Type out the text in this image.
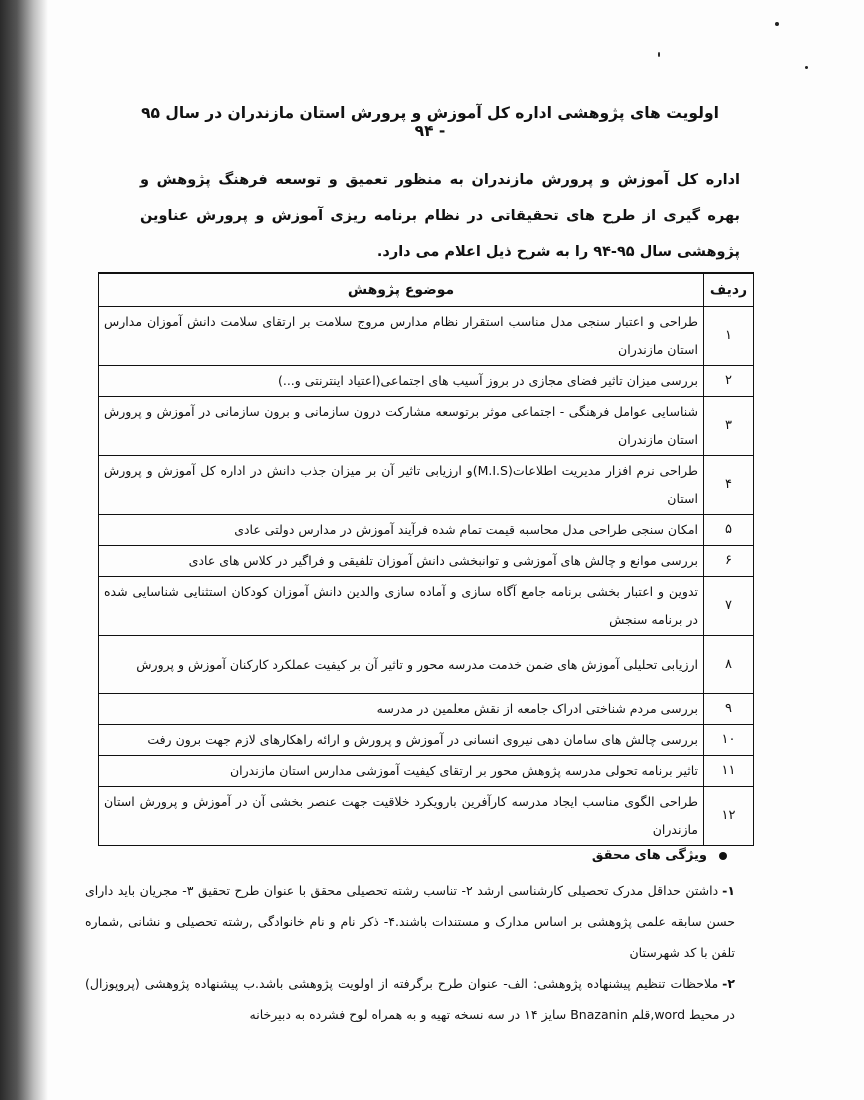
اولویت های پژوهشی اداره کل آموزش و پرورش استان مازندران در سال ۹۵ - ۹۴
اداره کل آموزش و پرورش مازندران به منظور تعمیق و توسعه فرهنگ پژوهش و بهره گیری از طرح های تحقیقاتی در نظام برنامه ریزی آموزش و پرورش عناوین پژوهشی سال ۹۵-۹۴ را به شرح ذیل اعلام می دارد.
ردیف	موضوع پژوهش
۱	طراحی و اعتبار سنجی مدل مناسب استقرار نظام مدارس مروج سلامت بر ارتقای سلامت دانش آموزان مدارس استان مازندران
۲	بررسی میزان تاثیر فضای مجازی در بروز آسیب های اجتماعی(اعتیاد اینترنتی و...)
۳	شناسایی عوامل فرهنگی - اجتماعی موثر برتوسعه مشارکت درون سازمانی و برون سازمانی در آموزش و پرورش استان مازندران
۴	طراحی نرم افزار مدیریت اطلاعات(M.I.S)و ارزیابی تاثیر آن بر میزان جذب دانش در اداره کل آموزش و پرورش استان
۵	امکان سنجی طراحی مدل محاسبه قیمت تمام شده فرآیند آموزش در مدارس دولتی عادی
۶	بررسی موانع و چالش های آموزشی و توانبخشی دانش آموزان تلفیقی و فراگیر در کلاس های عادی
۷	تدوین و اعتبار بخشی برنامه جامع آگاه سازی و آماده سازی والدین دانش آموزان کودکان استثنایی شناسایی شده در برنامه سنجش
۸	ارزیابی تحلیلی آموزش های ضمن خدمت مدرسه محور و تاثیر آن بر کیفیت عملکرد کارکنان آموزش و پرورش
۹	بررسی مردم شناختی ادراک جامعه از نقش معلمین در مدرسه
۱۰	بررسی چالش های سامان دهی نیروی انسانی در آموزش و پرورش و ارائه راهکارهای لازم جهت برون رفت
۱۱	تاثیر برنامه تحولی مدرسه پژوهش محور بر ارتقای کیفیت آموزشی مدارس استان مازندران
۱۲	طراحی الگوی مناسب ایجاد مدرسه کارآفرین بارویکرد خلاقیت جهت عنصر بخشی آن در آموزش و پرورش استان مازندران
ویژگی های محقق
۱-داشتن حداقل مدرک تحصیلی کارشناسی ارشد ۲- تناسب رشته تحصیلی محقق با عنوان طرح تحقیق ۳- مجریان باید دارای حسن سابقه علمی پژوهشی بر اساس مدارک و مستندات باشند.۴- ذکر نام و نام خانوادگی ,رشته تحصیلی و نشانی ,شماره تلفن با کد شهرستان
۲-ملاحظات تنظیم پیشنهاده پژوهشی: الف- عنوان طرح برگرفته از اولویت پژوهشی باشد.ب پیشنهاده پژوهشی (پروپوزال) در محیط word,قلم Bnazanin سایز ۱۴ در سه نسخه تهیه و به همراه لوح فشرده به دبیرخانه
